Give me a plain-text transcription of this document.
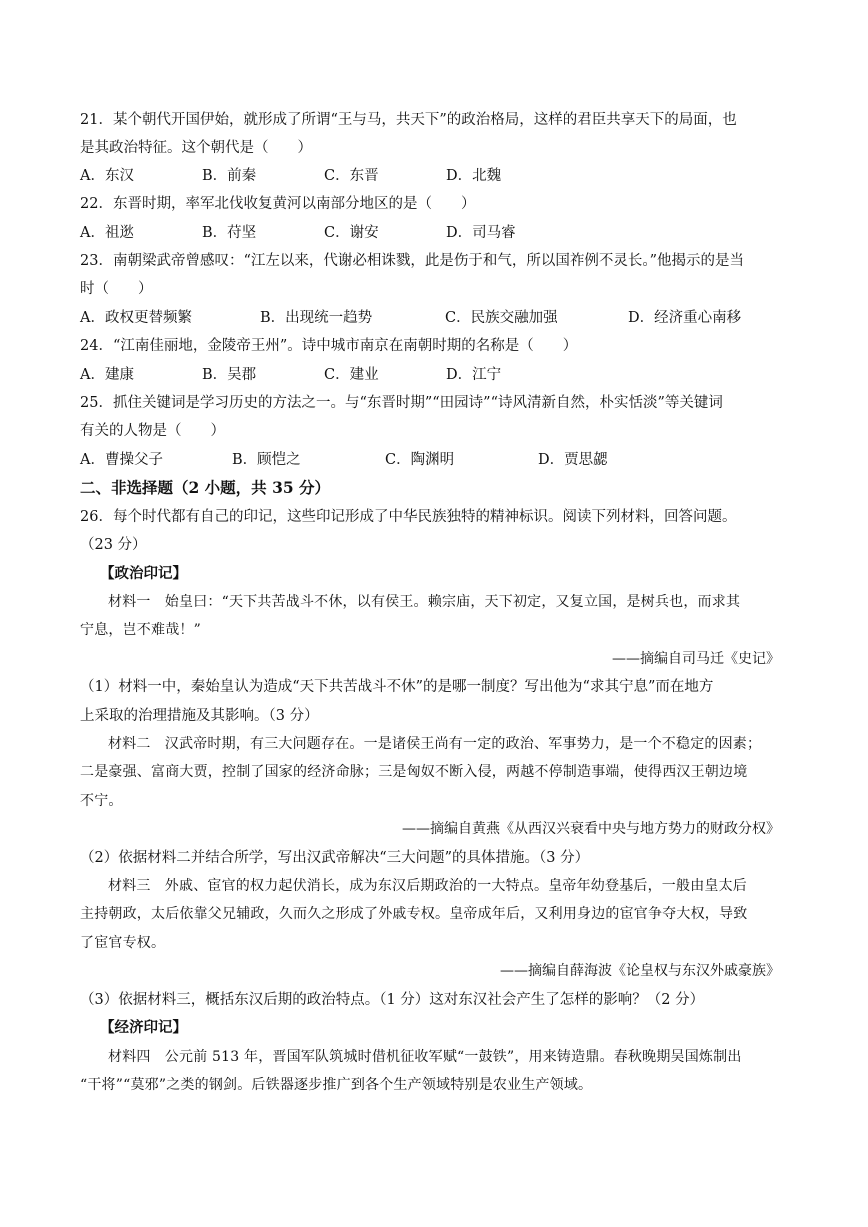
21．某个朝代开国伊始，就形成了所谓“王与马，共天下”的政治格局，这样的君臣共享天下的局面，也
是其政治特征。这个朝代是（　　）
A．东汉	B．前秦	C．东晋	D．北魏
22．东晋时期，率军北伐收复黄河以南部分地区的是（　　）
A．祖逖	B．苻坚	C．谢安	D．司马睿
23．南朝梁武帝曾感叹：“江左以来，代谢必相诛戮，此是伤于和气，所以国祚例不灵长。”他揭示的是当
时（　　）
A．政权更替频繁	B．出现统一趋势	C．民族交融加强	D．经济重心南移
24．“江南佳丽地，金陵帝王州”。诗中城市南京在南朝时期的名称是（　　）
A．建康	B．吴郡	C．建业	D．江宁
25．抓住关键词是学习历史的方法之一。与“东晋时期”“田园诗”“诗风清新自然，朴实恬淡”等关键词
有关的人物是（　　）
A．曹操父子	B．顾恺之	C．陶渊明	D．贾思勰
二、非选择题（2 小题，共 35 分）
26．每个时代都有自己的印记，这些印记形成了中华民族独特的精神标识。阅读下列材料，回答问题。
（23 分）
【政治印记】
材料一　始皇曰：“天下共苦战斗不休，以有侯王。赖宗庙，天下初定，又复立国，是树兵也，而求其
宁息，岂不难哉！”
——摘编自司马迁《史记》
（1）材料一中，秦始皇认为造成“天下共苦战斗不休”的是哪一制度？写出他为“求其宁息”而在地方
上采取的治理措施及其影响。（3 分）
材料二　汉武帝时期，有三大问题存在。一是诸侯王尚有一定的政治、军事势力，是一个不稳定的因素；
二是豪强、富商大贾，控制了国家的经济命脉；三是匈奴不断入侵，两越不停制造事端，使得西汉王朝边境
不宁。
——摘编自黄燕《从西汉兴衰看中央与地方势力的财政分权》
（2）依据材料二并结合所学，写出汉武帝解决“三大问题”的具体措施。（3 分）
材料三　外戚、宦官的权力起伏消长，成为东汉后期政治的一大特点。皇帝年幼登基后，一般由皇太后
主持朝政，太后依靠父兄辅政，久而久之形成了外戚专权。皇帝成年后，又利用身边的宦官争夺大权，导致
了宦官专权。
——摘编自薛海波《论皇权与东汉外戚豪族》
（3）依据材料三，概括东汉后期的政治特点。（1 分）这对东汉社会产生了怎样的影响？（2 分）
【经济印记】
材料四　公元前 513 年，晋国军队筑城时借机征收军赋“一鼓铁”，用来铸造鼎。春秋晚期吴国炼制出
“干将”“莫邪”之类的钢剑。后铁器逐步推广到各个生产领域特别是农业生产领域。
